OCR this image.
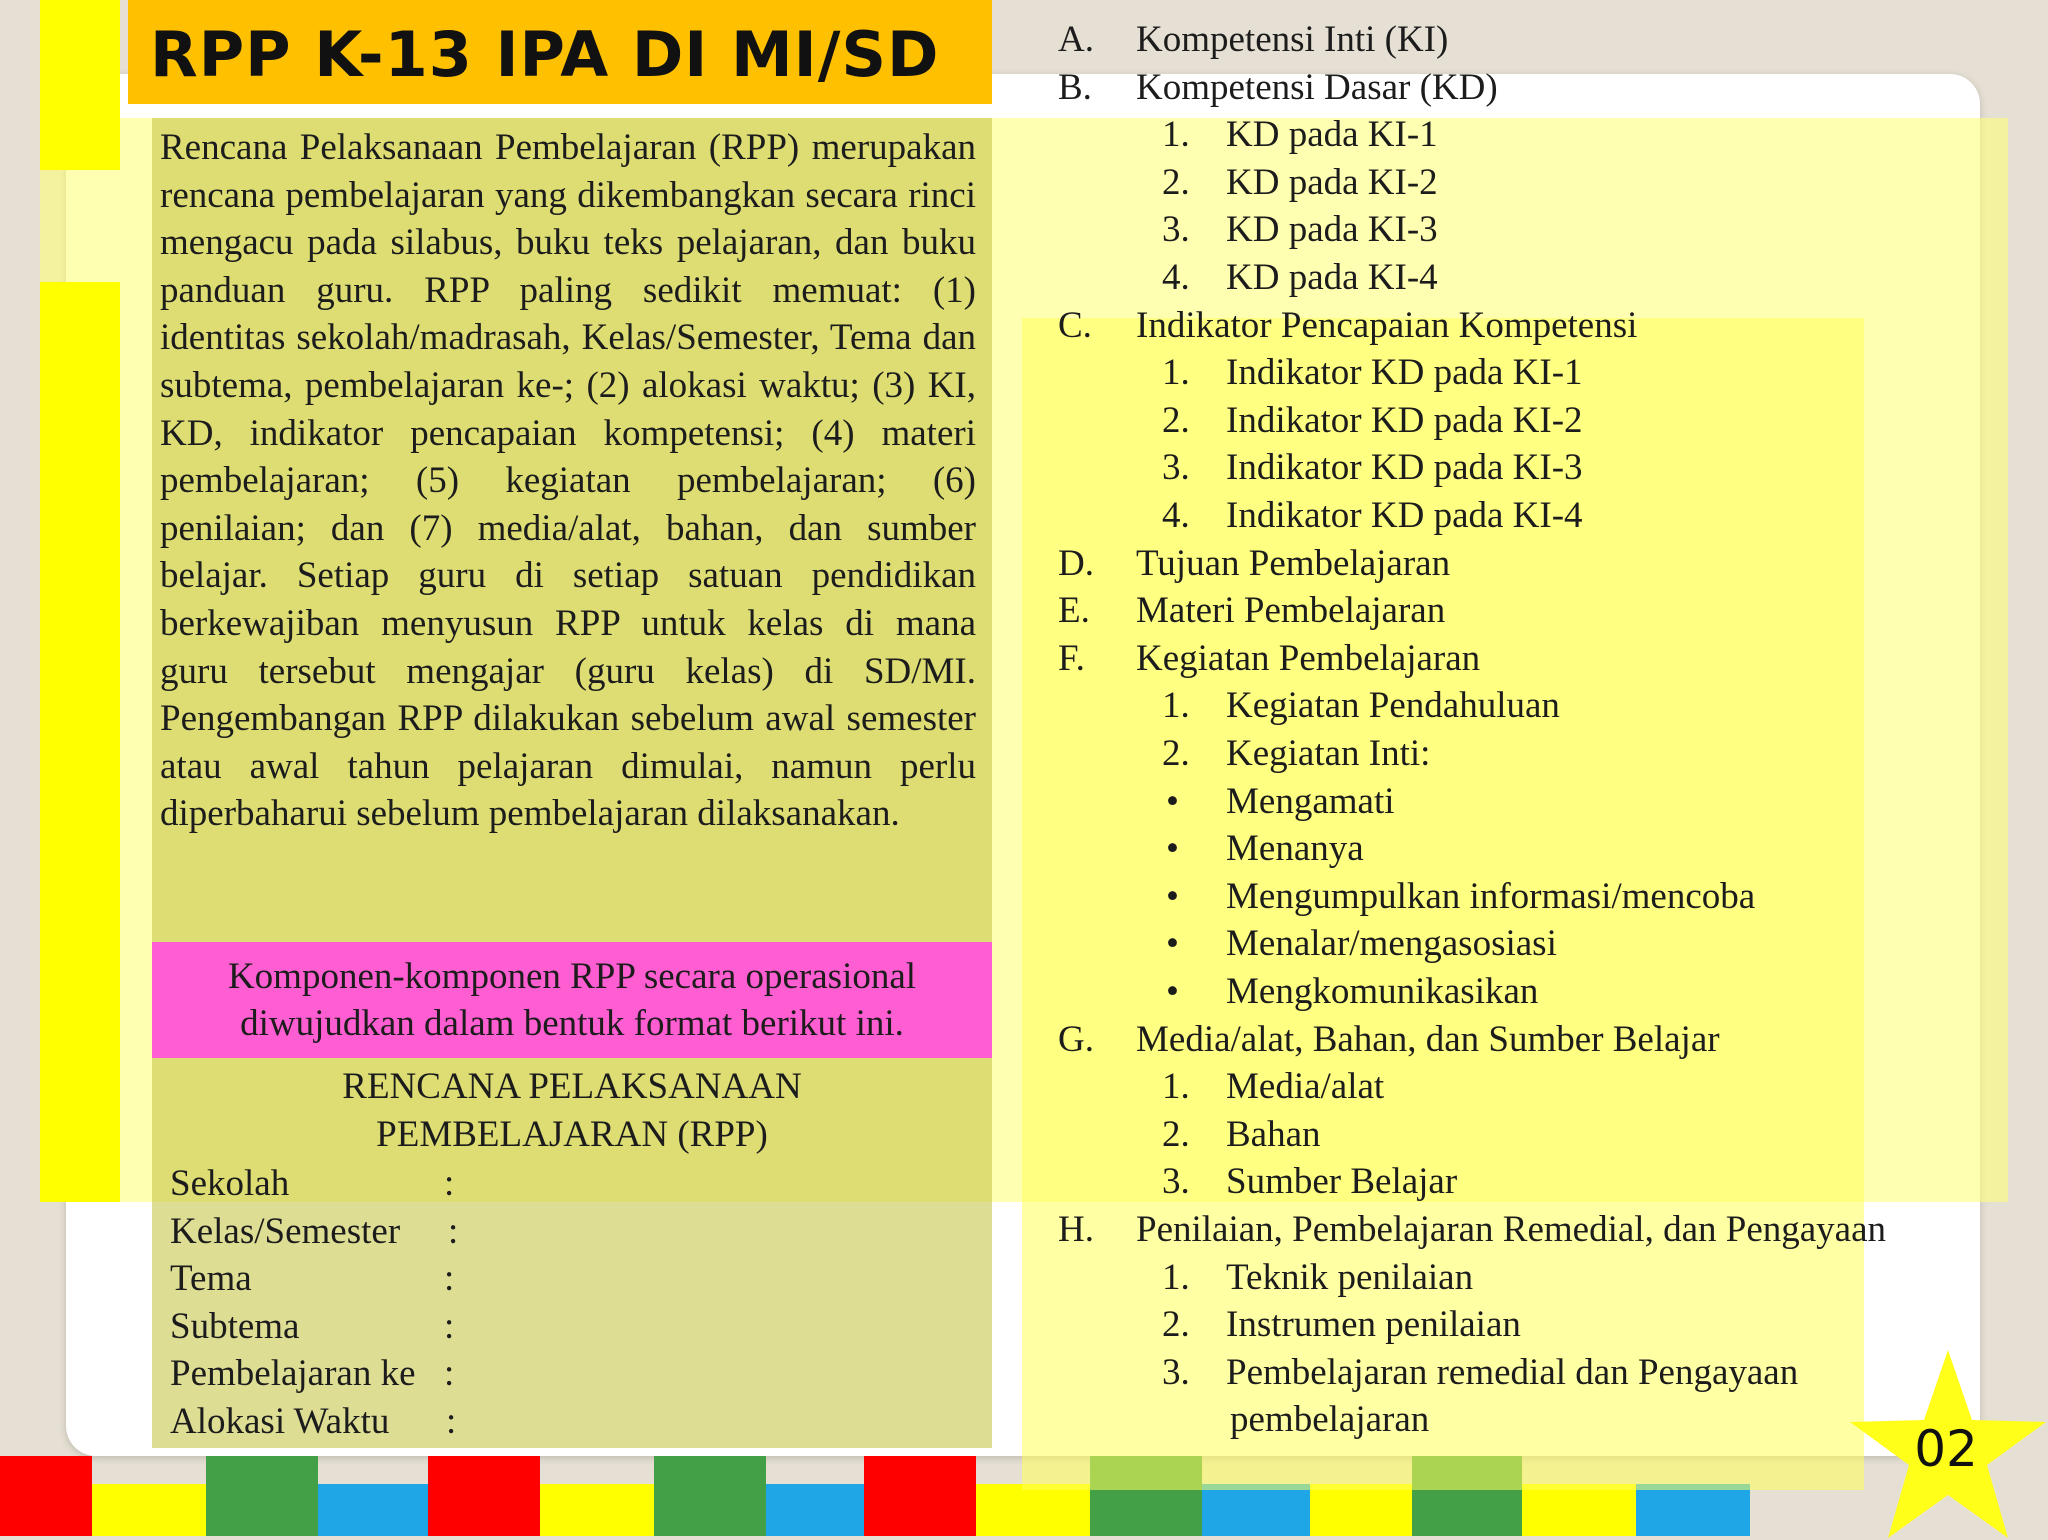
RPP K-13 IPA DI MI/SD
Rencana Pelaksanaan Pembelajaran (RPP) merupakan rencana pembelajaran yang dikembangkan secara rinci mengacu pada silabus, buku teks pelajaran, dan buku panduan guru. RPP paling sedikit memuat: (1) identitas sekolah/madrasah, Kelas/Semester, Tema dan subtema, pembelajaran ke-; (2) alokasi waktu; (3) KI, KD, indikator pencapaian kompetensi; (4) materi pembelajaran; (5) kegiatan pembelajaran; (6) penilaian; dan (7) media/alat, bahan, dan sumber belajar. Setiap guru di setiap satuan pendidikan berkewajiban menyusun RPP untuk kelas di mana guru tersebut mengajar (guru kelas) di SD/MI. Pengembangan RPP dilakukan sebelum awal semester atau awal tahun pelajaran dimulai, namun perlu diperbaharui sebelum pembelajaran dilaksanakan.
Komponen-komponen RPP secara operasional
diwujudkan dalam bentuk format berikut ini.
RENCANA PELAKSANAAN
PEMBELAJARAN (RPP)
Sekolah	:
Kelas/Semester :
Tema	:
Subtema	:
Pembelajaran ke :
Alokasi Waktu :
A. Kompetensi Inti (KI)
B. Kompetensi Dasar (KD)
1. KD pada KI-1
2. KD pada KI-2
3. KD pada KI-3
4. KD pada KI-4
C. Indikator Pencapaian Kompetensi
1. Indikator KD pada KI-1
2. Indikator KD pada KI-2
3. Indikator KD pada KI-3
4. Indikator KD pada KI-4
D. Tujuan Pembelajaran
E. Materi Pembelajaran
F. Kegiatan Pembelajaran
1. Kegiatan Pendahuluan
2. Kegiatan Inti:
• Mengamati
• Menanya
• Mengumpulkan informasi/mencoba
• Menalar/mengasosiasi
• Mengkomunikasikan
G. Media/alat, Bahan, dan Sumber Belajar
1. Media/alat
2. Bahan
3. Sumber Belajar
H. Penilaian, Pembelajaran Remedial, dan Pengayaan
1. Teknik penilaian
2. Instrumen penilaian
3. Pembelajaran remedial dan Pengayaan
pembelajaran
02
